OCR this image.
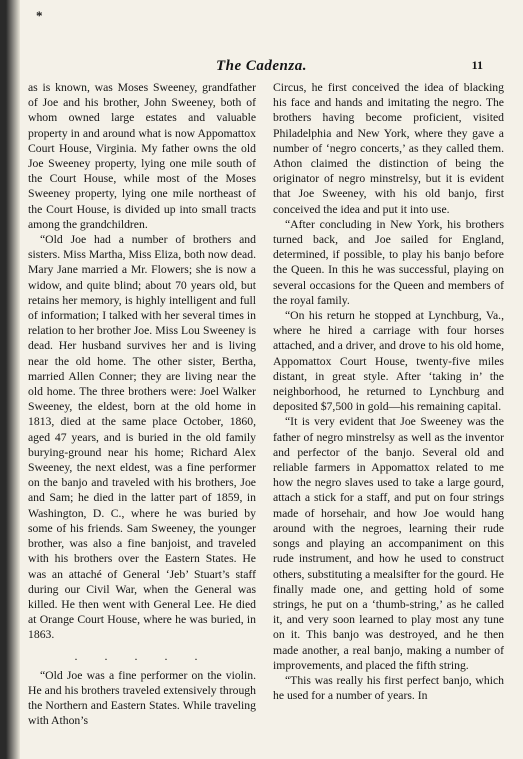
*
The Cadenza.	11

as is known, was Moses Sweeney, grandfather of Joe and his brother, John Sweeney, both of whom owned large estates and valuable property in and around what is now Appomattox Court House, Virginia. My father owns the old Joe Sweeney property, lying one mile south of the Court House, while most of the Moses Sweeney property, lying one mile northeast of the Court House, is divided up into small tracts among the grandchildren.

“Old Joe had a number of brothers and sisters. Miss Martha, Miss Eliza, both now dead. Mary Jane married a Mr. Flowers; she is now a widow, and quite blind; about 70 years old, but retains her memory, is highly intelligent and full of information; I talked with her several times in relation to her brother Joe. Miss Lou Sweeney is dead. Her husband survives her and is living near the old home. The other sister, Bertha, married Allen Conner; they are living near the old home. The three brothers were: Joel Walker Sweeney, the eldest, born at the old home in 1813, died at the same place October, 1860, aged 47 years, and is buried in the old family burying-ground near his home; Richard Alex Sweeney, the next eldest, was a fine performer on the banjo and traveled with his brothers, Joe and Sam; he died in the latter part of 1859, in Washington, D. C., where he was buried by some of his friends. Sam Sweeney, the younger brother, was also a fine banjoist, and traveled with his brothers over the Eastern States. He was an attaché of General ‘Jeb’ Stuart’s staff during our Civil War, when the General was killed. He then went with General Lee. He died at Orange Court House, where he was buried, in 1863.

. . . . .

“Old Joe was a fine performer on the violin. He and his brothers traveled extensively through the Northern and Eastern States. While traveling with Athon’s

Circus, he first conceived the idea of blacking his face and hands and imitating the negro. The brothers having become proficient, visited Philadelphia and New York, where they gave a number of ‘negro concerts,’ as they called them. Athon claimed the distinction of being the originator of negro minstrelsy, but it is evident that Joe Sweeney, with his old banjo, first conceived the idea and put it into use.

“After concluding in New York, his brothers turned back, and Joe sailed for England, determined, if possible, to play his banjo before the Queen. In this he was successful, playing on several occasions for the Queen and members of the royal family.

“On his return he stopped at Lynchburg, Va., where he hired a carriage with four horses attached, and a driver, and drove to his old home, Appomattox Court House, twenty-five miles distant, in great style. After ‘taking in’ the neighborhood, he returned to Lynchburg and deposited $7,500 in gold—his remaining capital.

“It is very evident that Joe Sweeney was the father of negro minstrelsy as well as the inventor and perfector of the banjo. Several old and reliable farmers in Appomattox related to me how the negro slaves used to take a large gourd, attach a stick for a staff, and put on four strings made of horsehair, and how Joe would hang around with the negroes, learning their rude songs and playing an accompaniment on this rude instrument, and how he used to construct others, substituting a mealsifter for the gourd. He finally made one, and getting hold of some strings, he put on a ‘thumb-string,’ as he called it, and very soon learned to play most any tune on it. This banjo was destroyed, and he then made another, a real banjo, making a number of improvements, and placed the fifth string.

“This was really his first perfect banjo, which he used for a number of years. In
